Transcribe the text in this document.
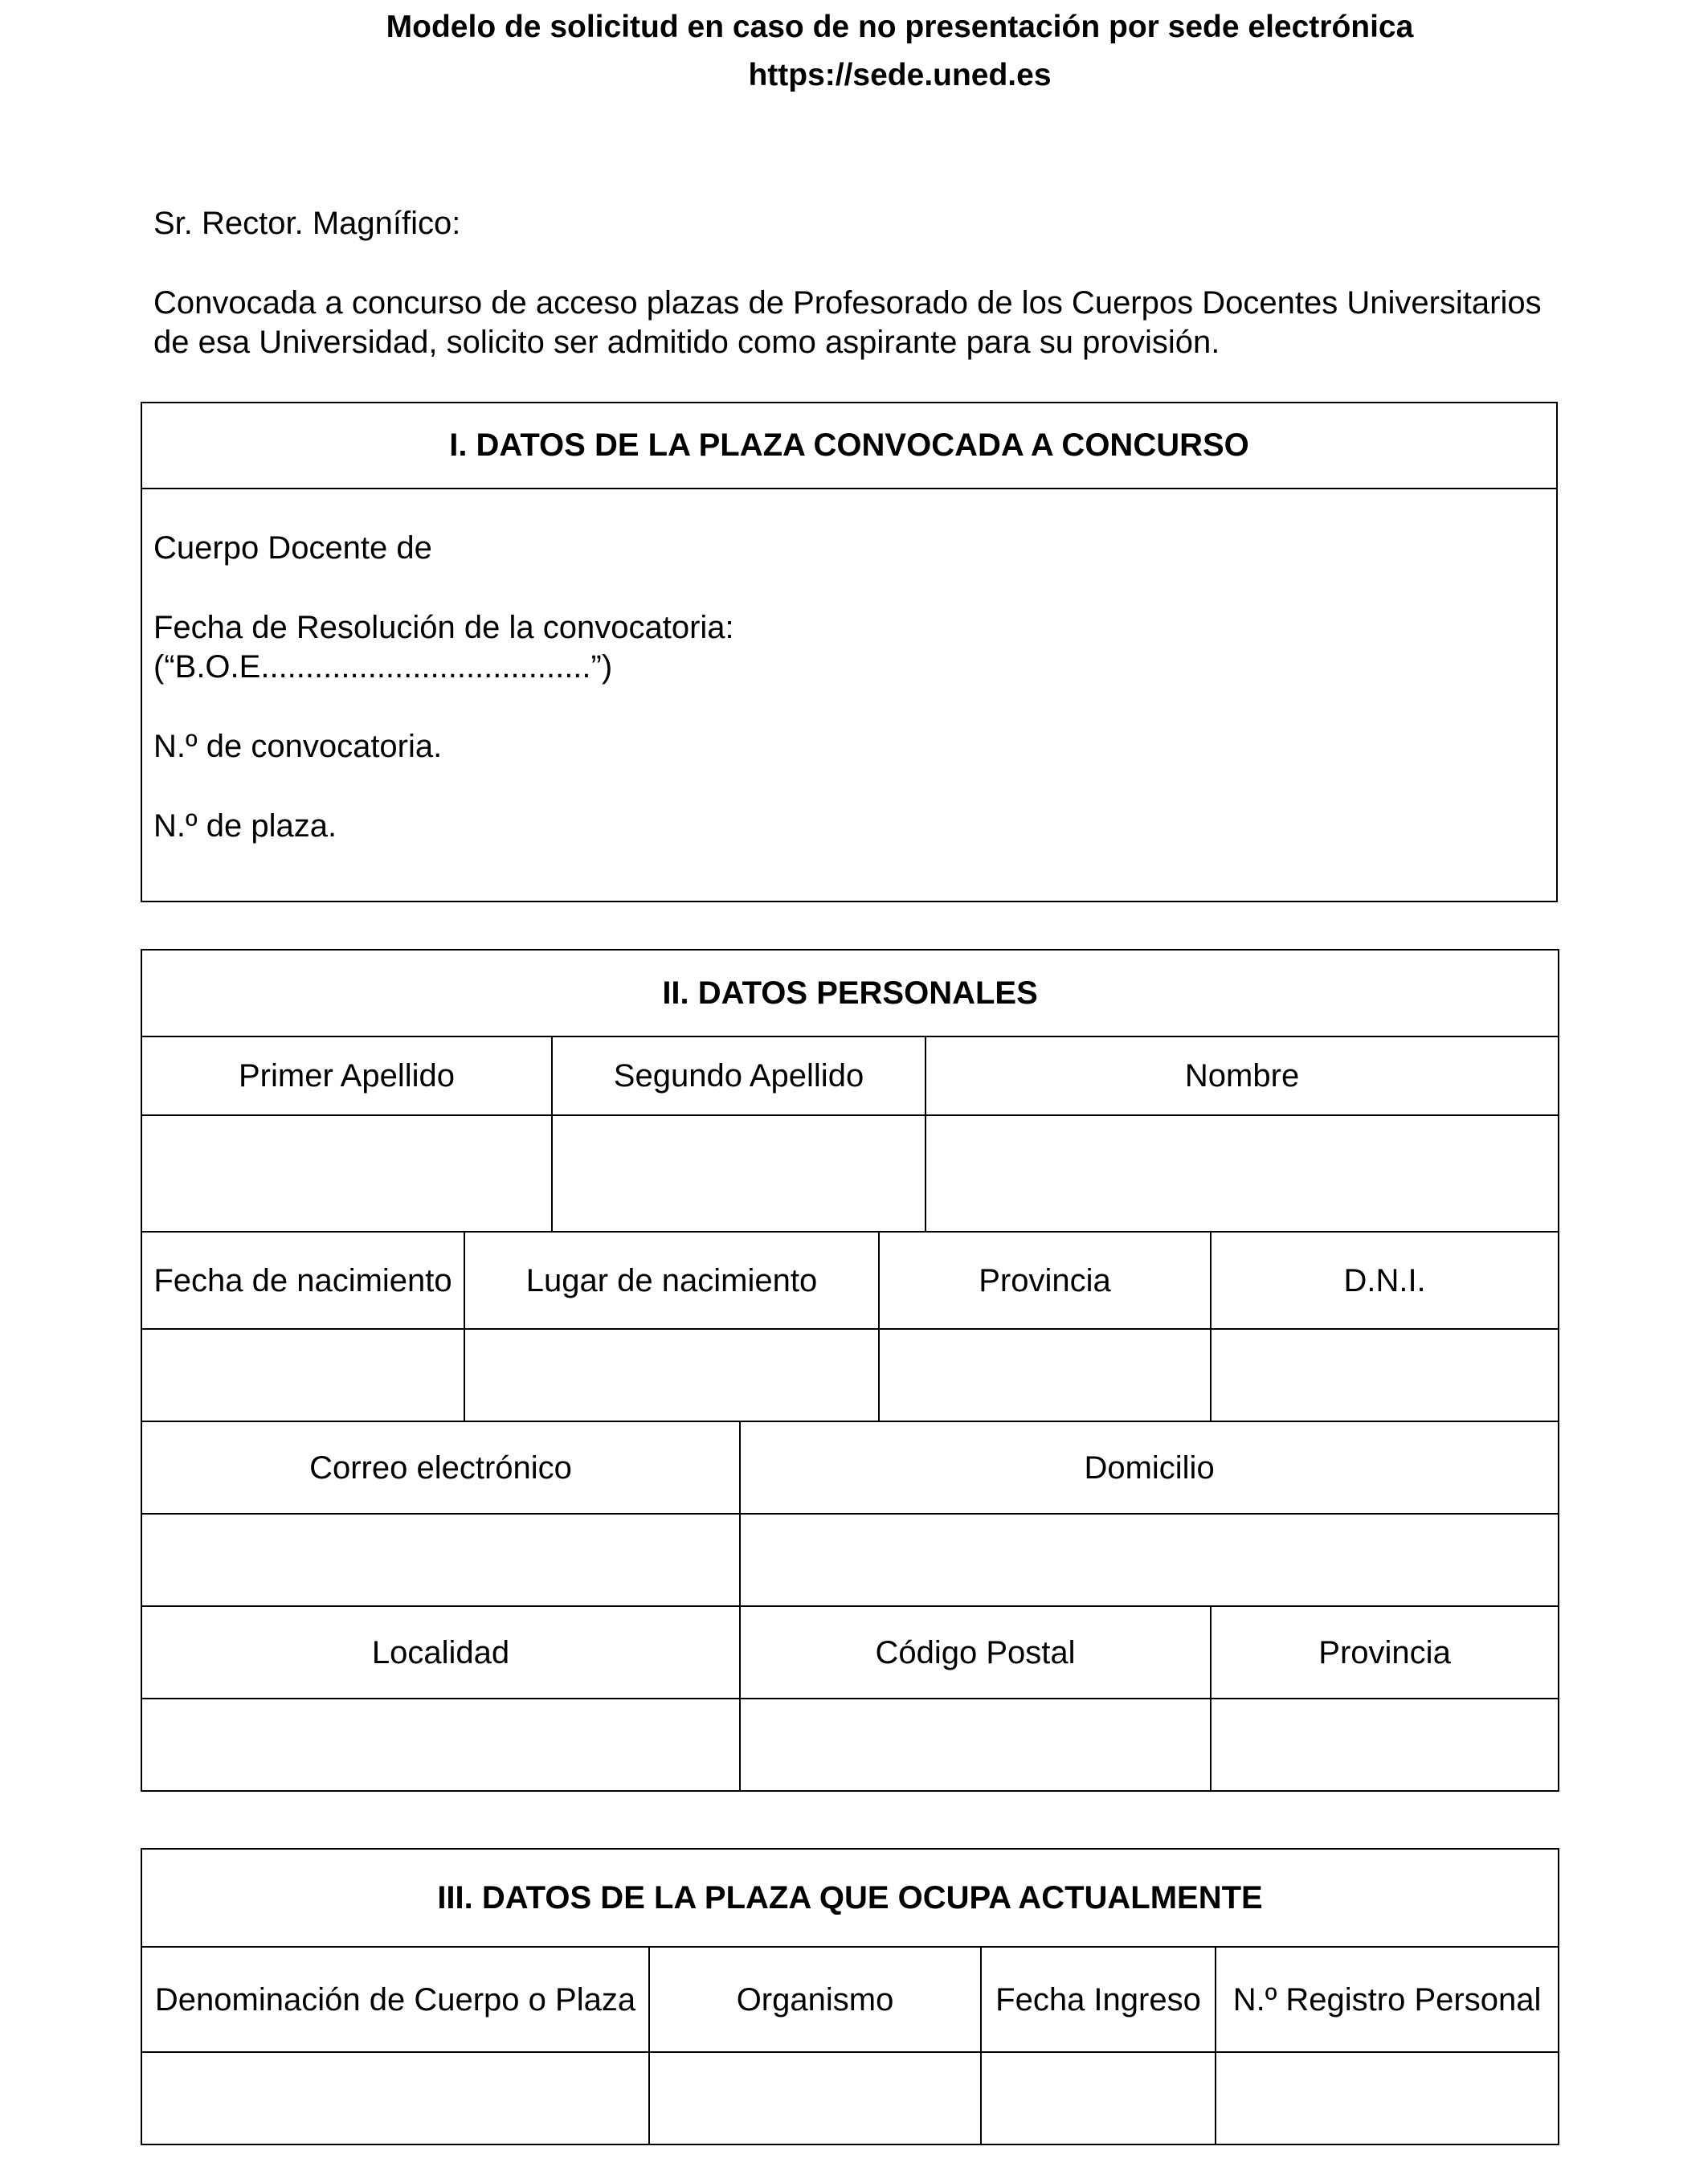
Modelo de solicitud en caso de no presentación por sede electrónica
https://sede.uned.es
Sr. Rector. Magnífico:
Convocada a concurso de acceso plazas de Profesorado de los Cuerpos Docentes Universitarios
de esa Universidad, solicito ser admitido como aspirante para su provisión.
I. DATOS DE LA PLAZA CONVOCADA A CONCURSO
Cuerpo Docente de
Fecha de Resolución de la convocatoria:
(“B.O.E.....................................”)
N.º de convocatoria.
N.º de plaza.
II. DATOS PERSONALES						
Primer Apellido		Segundo Apellido			Nombre	

Fecha de nacimiento	Lugar de nacimiento			Provincia		D.N.I.

Correo electrónico			Domicilio			

Localidad			Código Postal			Provincia

III. DATOS DE LA PLAZA QUE OCUPA ACTUALMENTE			
Denominación de Cuerpo o Plaza	Organismo	Fecha Ingreso	N.º Registro Personal
